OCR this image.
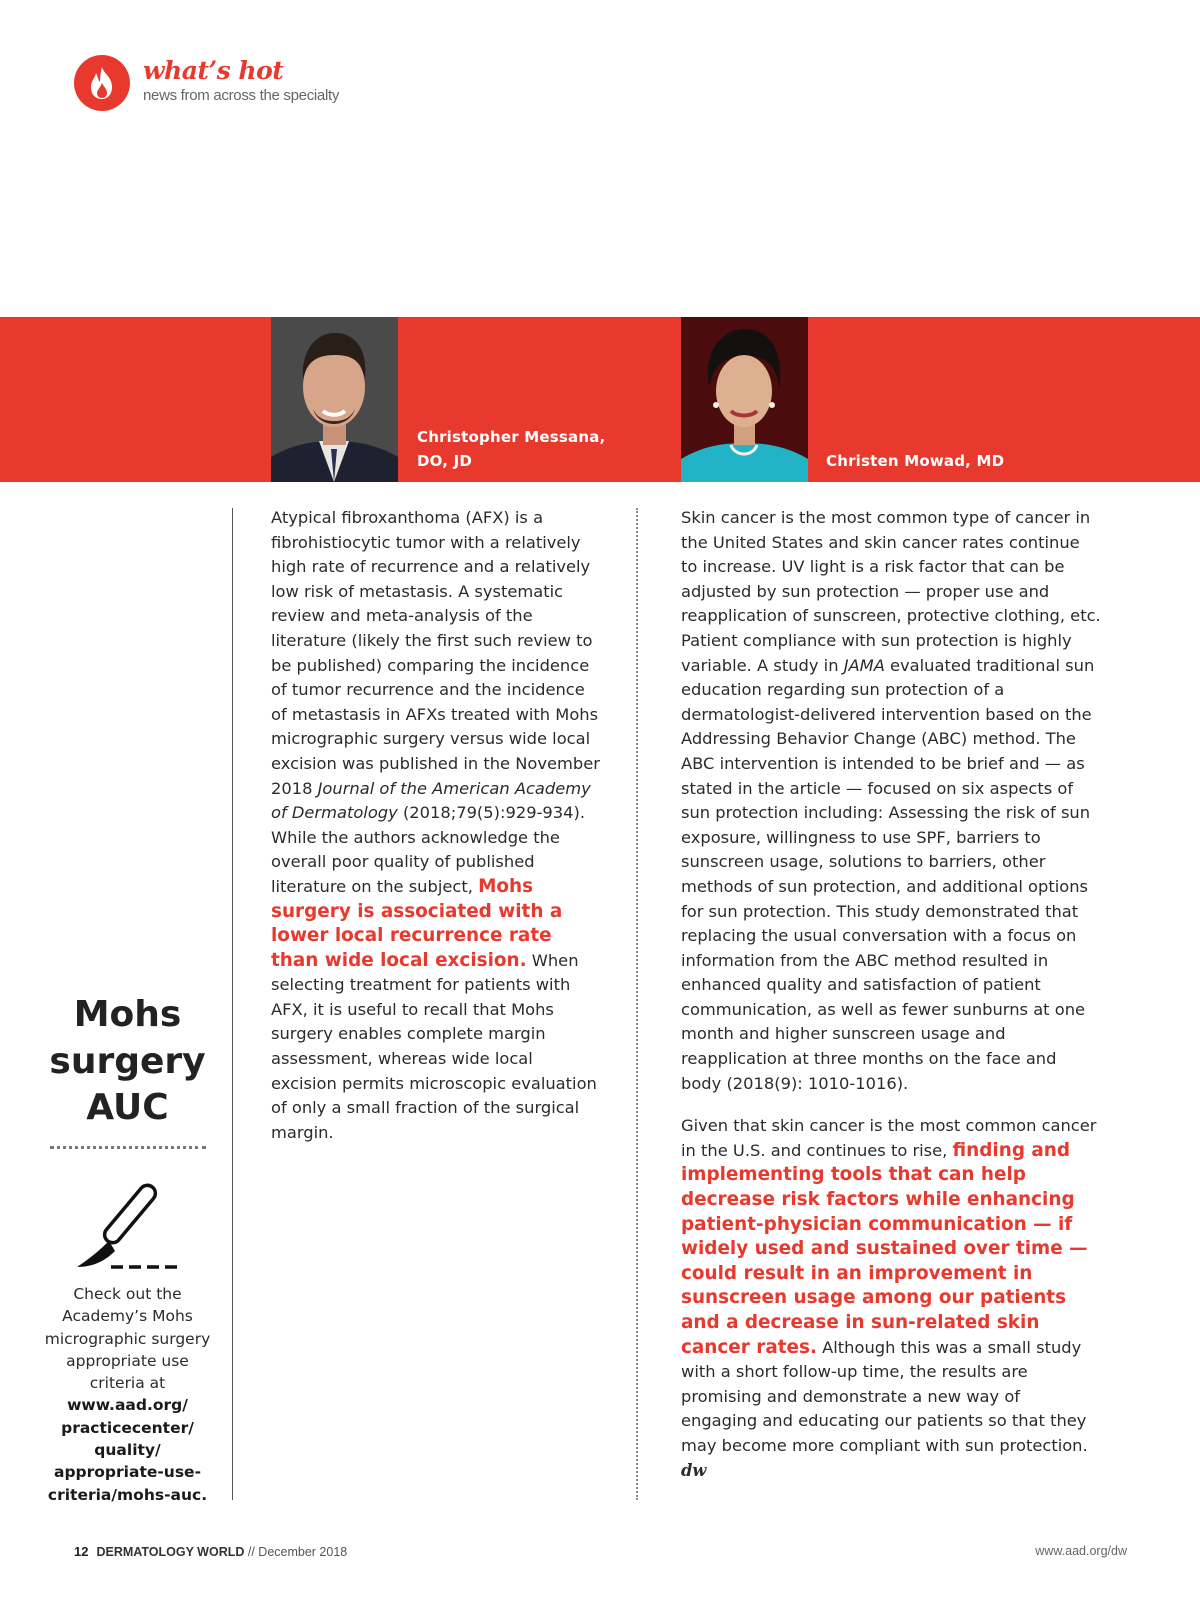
what’s hot
news from across the specialty
Christopher Messana,
DO, JD	Christen Mowad, MD

Atypical fibroxanthoma (AFX) is a fibrohistiocytic tumor with a relatively high rate of recurrence and a relatively low risk of metastasis. A systematic review and meta-analysis of the literature (likely the first such review to be published) comparing the incidence of tumor recurrence and the incidence of metastasis in AFXs treated with Mohs micrographic surgery versus wide local excision was published in the November 2018 Journal of the American Academy of Dermatology (2018;79(5):929-934). While the authors acknowledge the overall poor quality of published literature on the subject, Mohs surgery is associated with a lower local recurrence rate than wide local excision. When selecting treatment for patients with AFX, it is useful to recall that Mohs surgery enables complete margin assessment, whereas wide local excision permits microscopic evaluation of only a small fraction of the surgical margin.

Skin cancer is the most common type of cancer in the United States and skin cancer rates continue to increase. UV light is a risk factor that can be adjusted by sun protection — proper use and reapplication of sunscreen, protective clothing, etc. Patient compliance with sun protection is highly variable. A study in JAMA evaluated traditional sun education regarding sun protection of a dermatologist-delivered intervention based on the Addressing Behavior Change (ABC) method. The ABC intervention is intended to be brief and — as stated in the article — focused on six aspects of sun protection including: Assessing the risk of sun exposure, willingness to use SPF, barriers to sunscreen usage, solutions to barriers, other methods of sun protection, and additional options for sun protection. This study demonstrated that replacing the usual conversation with a focus on information from the ABC method resulted in enhanced quality and satisfaction of patient communication, as well as fewer sunburns at one month and higher sunscreen usage and reapplication at three months on the face and body (2018(9): 1010-1016).

Given that skin cancer is the most common cancer in the U.S. and continues to rise, finding and implementing tools that can help decrease risk factors while enhancing patient-physician communication — if widely used and sustained over time — could result in an improvement in sunscreen usage among our patients and a decrease in sun-related skin cancer rates. Although this was a small study with a short follow-up time, the results are promising and demonstrate a new way of engaging and educating our patients so that they may become more compliant with sun protection. dw

Mohs
surgery
AUC
Check out the Academy’s Mohs micrographic surgery appropriate use criteria at
www.aad.org/
practicecenter/
quality/
appropriate-use-
criteria/mohs-auc.
12 DERMATOLOGY WORLD // December 2018	www.aad.org/dw
